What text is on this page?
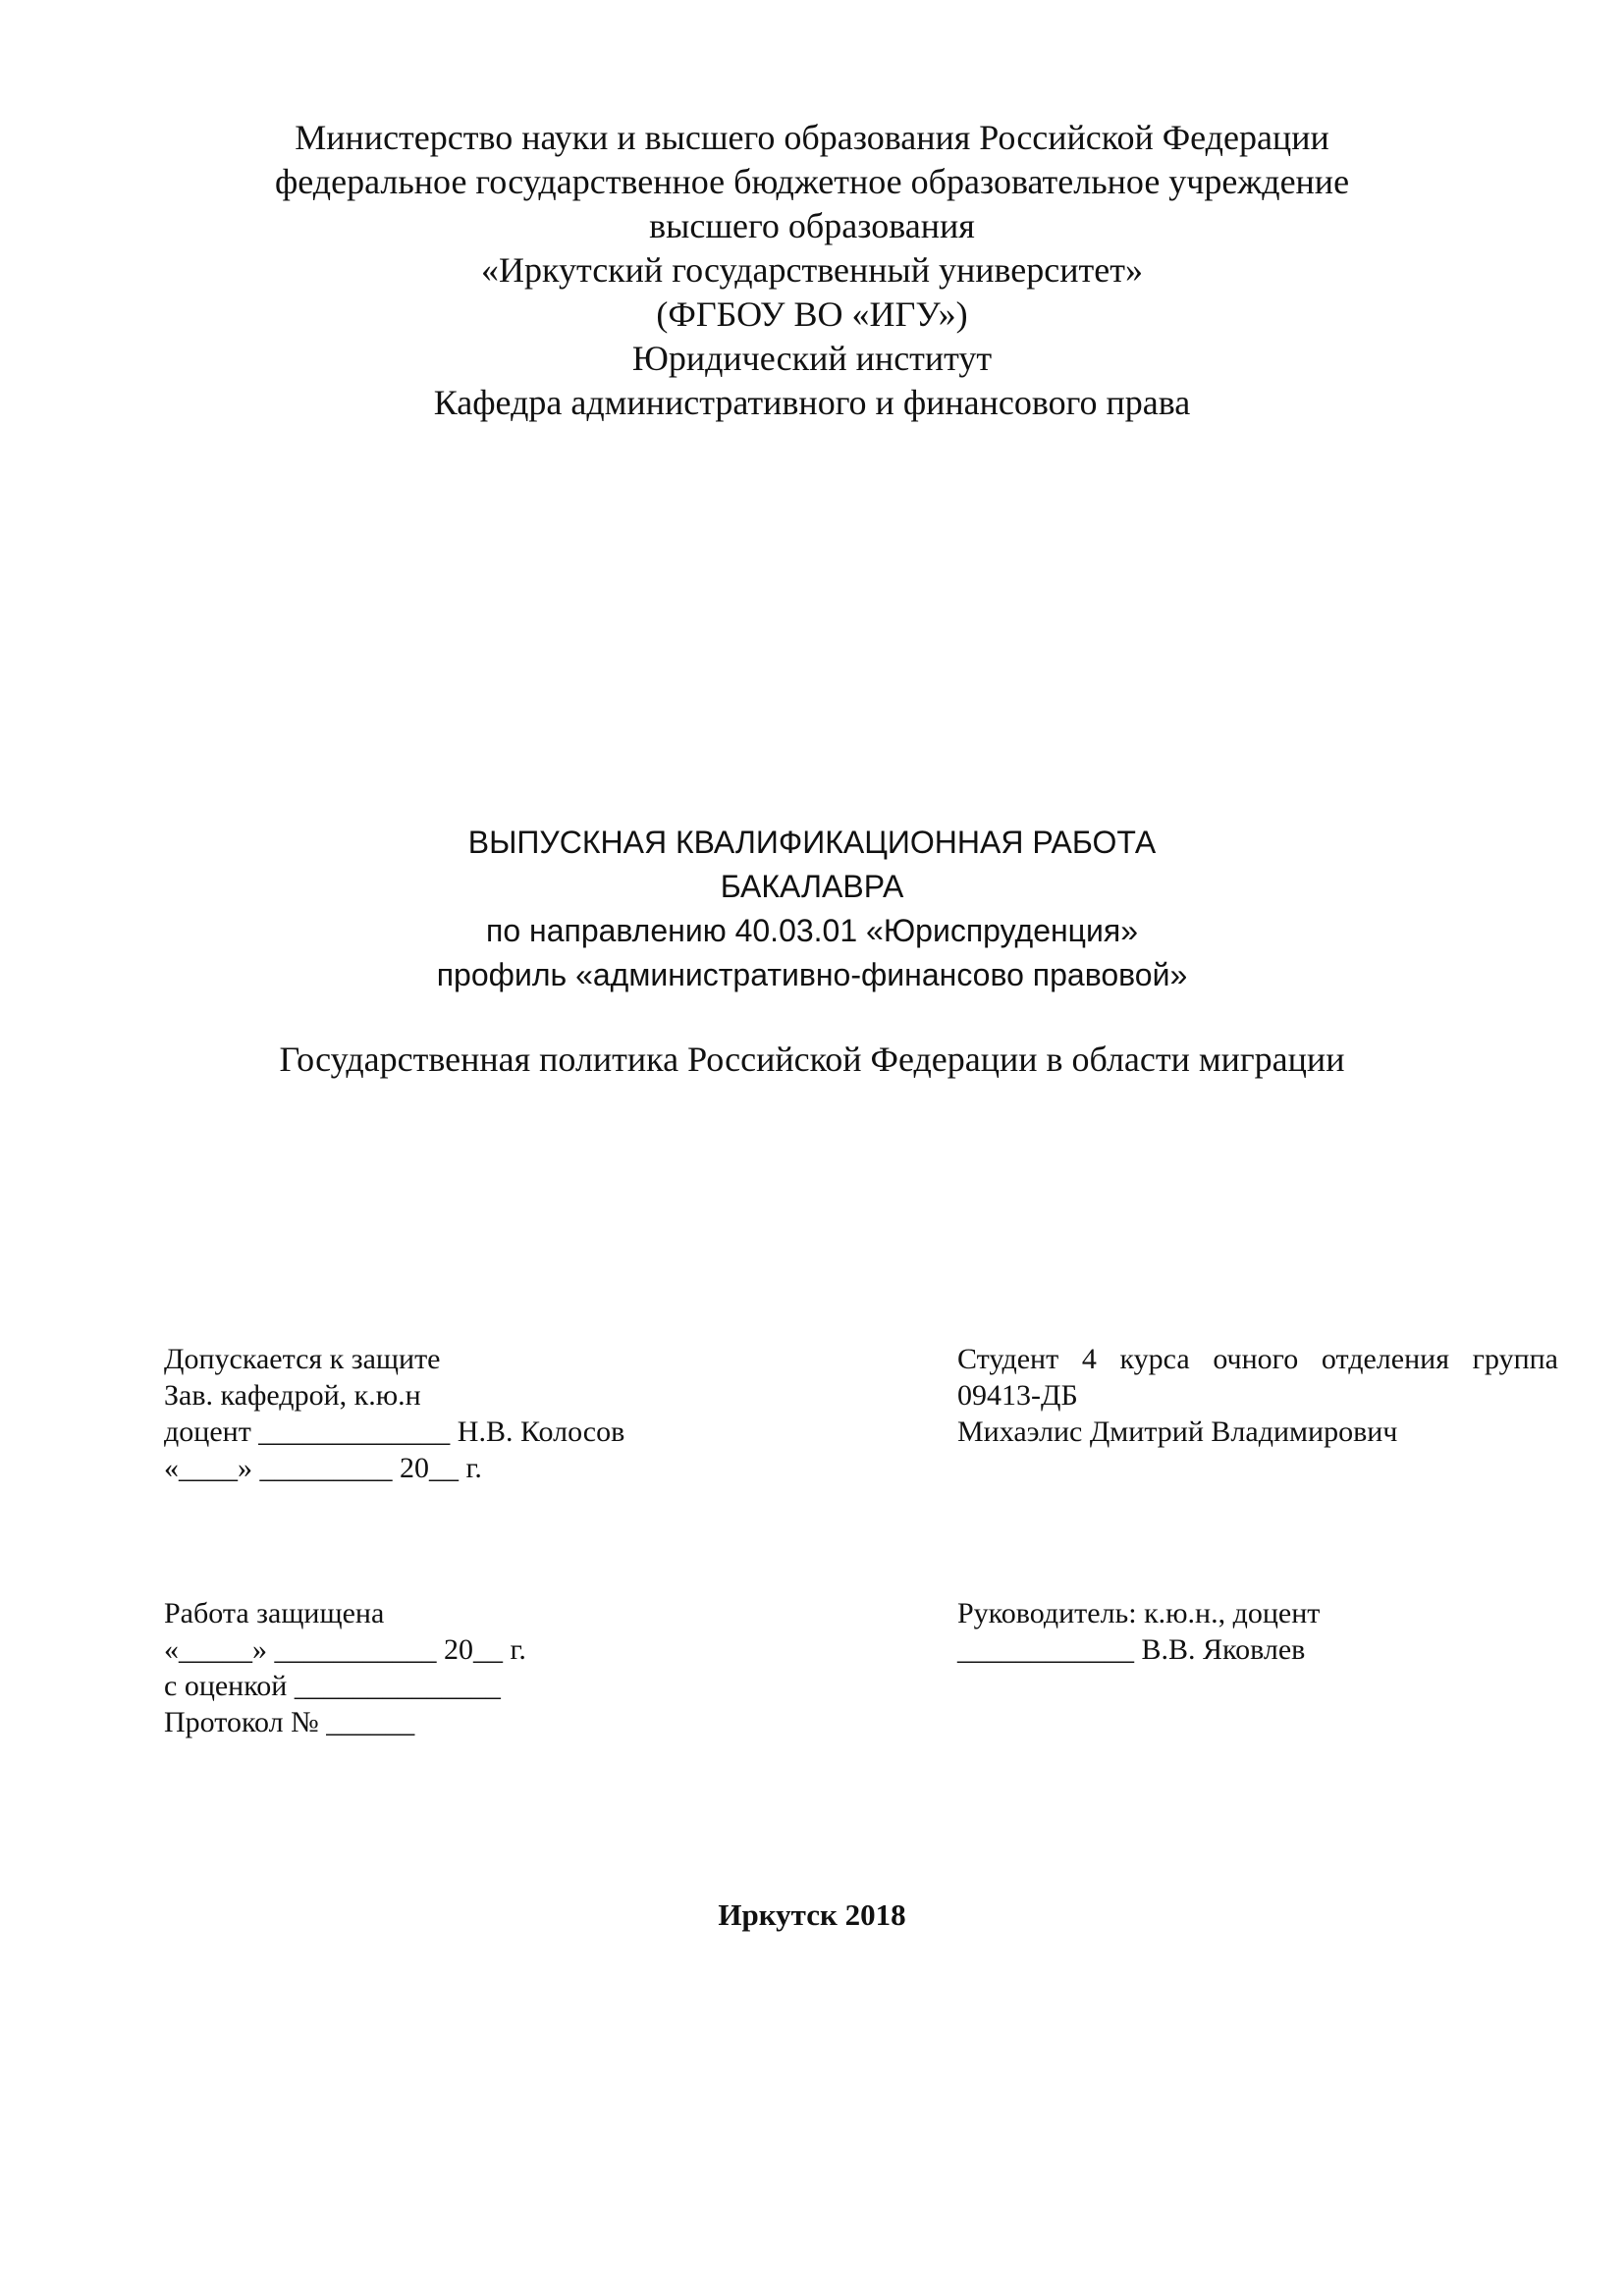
Министерство науки и высшего образования Российской Федерации
федеральное государственное бюджетное образовательное учреждение
высшего образования
«Иркутский государственный университет»
(ФГБОУ ВО «ИГУ»)
Юридический институт
Кафедра административного и финансового права
ВЫПУСКНАЯ КВАЛИФИКАЦИОННАЯ РАБОТА
БАКАЛАВРА
по направлению 40.03.01 «Юриспруденция»
профиль «административно-финансово правовой»
Государственная политика Российской Федерации в области миграции
Допускается к защите
Зав. кафедрой, к.ю.н
доцент _____________ Н.В. Колосов
«____» _________ 20__ г.
Студент 4 курса очного отделения группа
09413-ДБ
Михаэлис Дмитрий Владимирович
Работа защищена
«_____» ___________ 20__ г.
с оценкой ______________
Протокол № ______
Руководитель: к.ю.н., доцент
____________ В.В. Яковлев
Иркутск 2018
